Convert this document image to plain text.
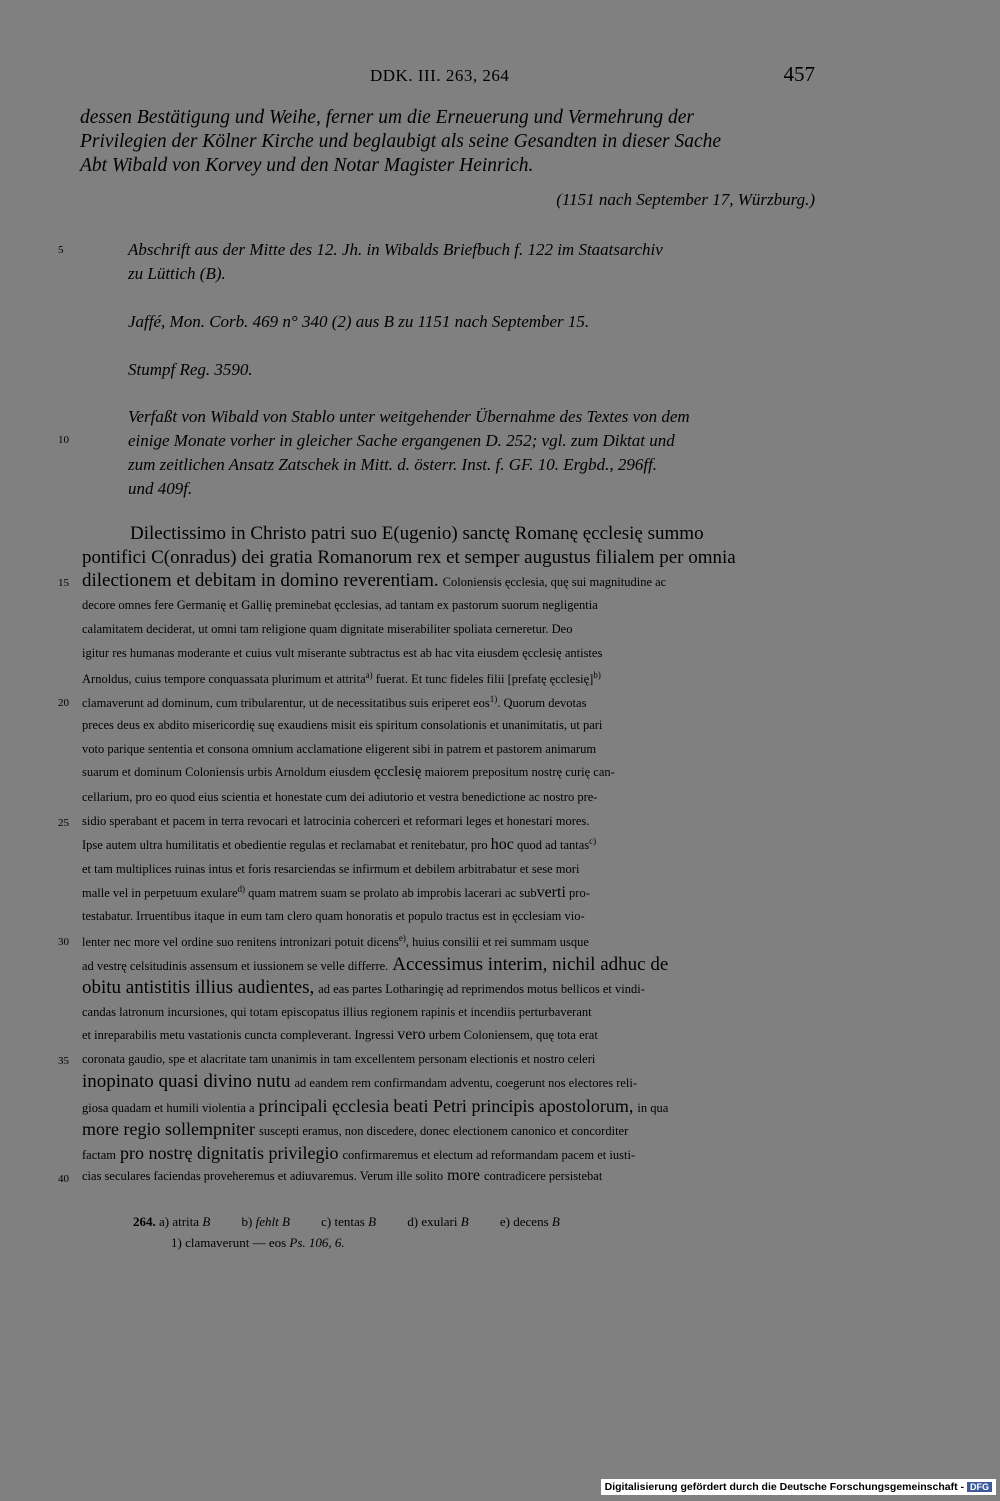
DDK. III. 263, 264	457

dessen Bestätigung und Weihe, ferner um die Erneuerung und Vermehrung der

Privilegien der Kölner Kirche und beglaubigt als seine Gesandten in dieser Sache

Abt Wibald von Korvey und den Notar Magister Heinrich.

(1151 nach September 17, Würzburg.)
5
10
15
20
25
30
35
40
Abschrift aus der Mitte des 12. Jh. in Wibalds Briefbuch f. 122 im Staatsarchiv
zu Lüttich (B).
Jaffé, Mon. Corb. 469 n° 340 (2) aus B zu 1151 nach September 15.
Stumpf Reg. 3590.
Verfaßt von Wibald von Stablo unter weitgehender Übernahme des Textes von dem
einige Monate vorher in gleicher Sache ergangenen D. 252; vgl. zum Diktat und
zum zeitlichen Ansatz Zatschek in Mitt. d. österr. Inst. f. GF. 10. Ergbd., 296ff.
und 409f.
Dilectissimo in Christo patri suo E(ugenio) sanctę Romanę ęcclesię summo
pontifici C(onradus) dei gratia Romanorum rex et semper augustus filialem per omnia
dilectionem et debitam in domino reverentiam. Coloniensis ęcclesia, quę sui magnitudine ac
decore omnes fere Germanię et Gallię preminebat ęcclesias, ad tantam ex pastorum suorum negligentia
calamitatem deciderat, ut omni tam religione quam dignitate miserabiliter spoliata cerneretur. Deo
igitur res humanas moderante et cuius vult miserante subtractus est ab hac vita eiusdem ęcclesię antistes
Arnoldus, cuius tempore conquassata plurimum et attrita$^{a)}$ fuerat. Et tunc fideles filii [prefatę ęcclesię]$^{b)}$
clamaverunt ad dominum, cum tribularentur, ut de necessitatibus suis eriperet eos$^{1)}$. Quorum devotas
preces deus ex abdito misericordię suę exaudiens misit eis spiritum consolationis et unanimitatis, ut pari
voto parique sententia et consona omnium acclamatione eligerent sibi in patrem et pastorem animarum
suarum et dominum Coloniensis urbis Arnoldum eiusdem ęcclesię maiorem prepositum nostrę curię can-
cellarium, pro eo quod eius scientia et honestate cum dei adiutorio et vestra benedictione ac nostro pre-
sidio sperabant et pacem in terra revocari et latrocinia coherceri et reformari leges et honestari mores.
Ipse autem ultra humilitatis et obedientie regulas et reclamabat et renitebatur, pro hoc quod ad tantas$^{c)}$
et tam multiplices ruinas intus et foris resarciendas se infirmum et debilem arbitrabatur et sese mori
malle vel in perpetuum exulare$^{d)}$ quam matrem suam se prolato ab improbis lacerari ac subverti pro-
testabatur. Irruentibus itaque in eum tam clero quam honoratis et populo tractus est in ęcclesiam vio-
lenter nec more vel ordine suo renitens intronizari potuit dicens$^{e)}$, huius consilii et rei summam usque
ad vestrę celsitudinis assensum et iussionem se velle differre. Accessimus interim, nichil adhuc de
obitu antistitis illius audientes, ad eas partes Lotharingię ad reprimendos motus bellicos et vindi-
candas latronum incursiones, qui totam episcopatus illius regionem rapinis et incendiis perturbaverant
et inreparabilis metu vastationis cuncta compleverant. Ingressi vero urbem Coloniensem, quę tota erat
coronata gaudio, spe et alacritate tam unanimis in tam excellentem personam electionis et nostro celeri
inopinato quasi divino nutu ad eandem rem confirmandam adventu, coegerunt nos electores reli-
giosa quadam et humili violentia a principali ęcclesia beati Petri principis apostolorum, in qua
more regio sollempniter suscepti eramus, non discedere, donec electionem canonico et concorditer
factam pro nostrę dignitatis privilegio confirmaremus et electum ad reformandam pacem et iusti-
cias seculares faciendas proveheremus et adiuvaremus. Verum ille solito more contradicere persistebat
264. a) atrita B b) fehlt B c) tentas B d) exulari B e) decens B
1) clamaverunt — eos Ps. 106, 6.
Digitalisierung gefördert durch die Deutsche Forschungsgemeinschaft - DFG
